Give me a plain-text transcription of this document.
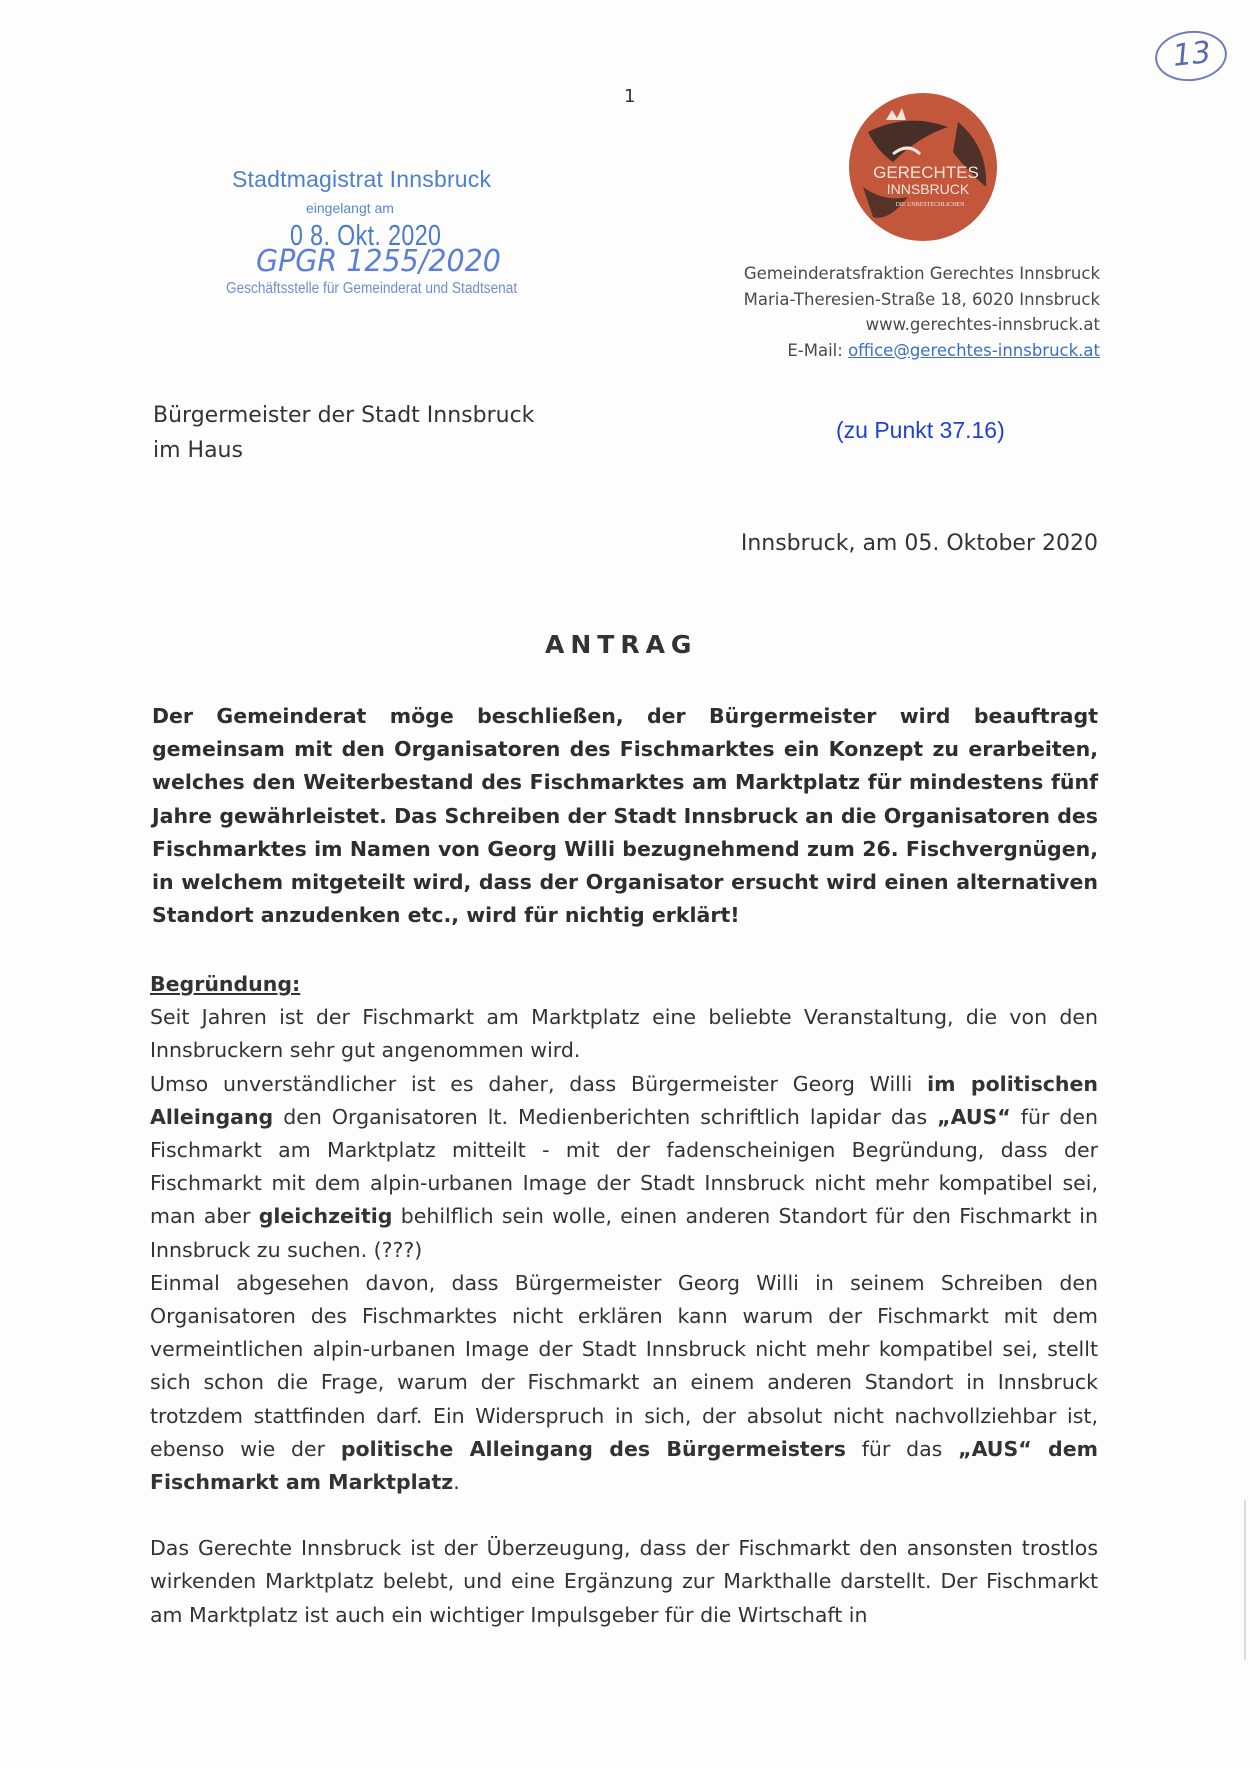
1
13
Stadtmagistrat Innsbruck
eingelangt am
0 8. Okt. 2020
GPGR 1255/2020
Geschäftsstelle für Gemeinderat und Stadtsenat
GERECHTES
INNSBRUCK
DIE UNBESTECHLICHEN
Gemeinderatsfraktion Gerechtes Innsbruck
Maria-Theresien-Straße 18, 6020 Innsbruck
www.gerechtes-innsbruck.at
E-Mail: office@gerechtes-innsbruck.at
Bürgermeister der Stadt Innsbruck
im Haus
(zu Punkt 37.16)
Innsbruck, am 05. Oktober 2020
ANTRAG

Der Gemeinderat möge beschließen, der Bürgermeister wird beauftragt gemeinsam mit den Organisatoren des Fischmarktes ein Konzept zu erarbeiten, welches den Weiterbestand des Fischmarktes am Marktplatz für mindestens fünf Jahre gewährleistet. Das Schreiben der Stadt Innsbruck an die Organisatoren des Fischmarktes im Namen von Georg Willi bezugnehmend zum 26. Fischvergnügen, in welchem mitgeteilt wird, dass der Organisator ersucht wird einen alternativen Standort anzudenken etc., wird für nichtig erklärt!

Begründung:

Seit Jahren ist der Fischmarkt am Marktplatz eine beliebte Veranstaltung, die von den Innsbruckern sehr gut angenommen wird.

Umso unverständlicher ist es daher, dass Bürgermeister Georg Willi im politischen Alleingang den Organisatoren lt. Medienberichten schriftlich lapidar das „AUS“ für den Fischmarkt am Marktplatz mitteilt - mit der fadenscheinigen Begründung, dass der Fischmarkt mit dem alpin-urbanen Image der Stadt Innsbruck nicht mehr kompatibel sei, man aber gleichzeitig behilflich sein wolle, einen anderen Standort für den Fischmarkt in Innsbruck zu suchen. (???)

Einmal abgesehen davon, dass Bürgermeister Georg Willi in seinem Schreiben den Organisatoren des Fischmarktes nicht erklären kann warum der Fischmarkt mit dem vermeintlichen alpin-urbanen Image der Stadt Innsbruck nicht mehr kompatibel sei, stellt sich schon die Frage, warum der Fischmarkt an einem anderen Standort in Innsbruck trotzdem stattfinden darf. Ein Widerspruch in sich, der absolut nicht nachvollziehbar ist, ebenso wie der politische Alleingang des Bürgermeisters für das „AUS“ dem Fischmarkt am Marktplatz.

Das Gerechte Innsbruck ist der Überzeugung, dass der Fischmarkt den ansonsten trostlos wirkenden Marktplatz belebt, und eine Ergänzung zur Markthalle darstellt. Der Fischmarkt am Marktplatz ist auch ein wichtiger Impulsgeber für die Wirtschaft in
